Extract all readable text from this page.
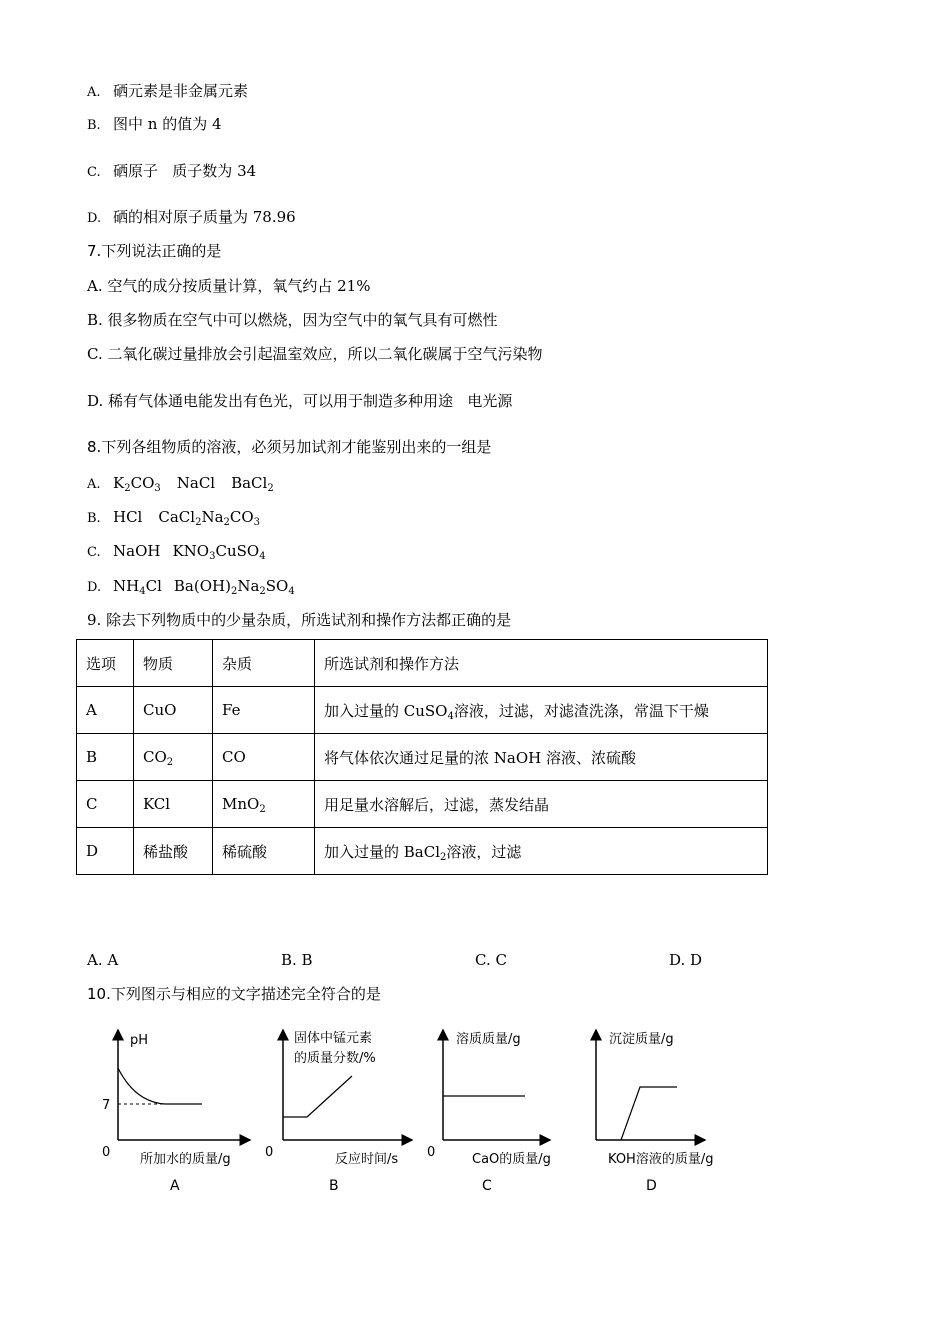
A. 硒元素是非金属元素
B. 图中 n 的值为 4
C. 硒原子   质子数为 34
D. 硒的相对原子质量为 78.96
7.下列说法正确的是
A. 空气的成分按质量计算，氧气约占 21%
B. 很多物质在空气中可以燃烧，因为空气中的氧气具有可燃性
C. 二氧化碳过量排放会引起温室效应，所以二氧化碳属于空气污染物
D. 稀有气体通电能发出有色光，可以用于制造多种用途   电光源
8.下列各组物质的溶液，必须另加试剂才能鉴别出来的一组是
A. $K_2CO_3$ NaCl BaCl$_2$
B. HCl $CaCl_2Na_2CO_3$
C. NaOH $KNO_3CuSO_4$
D. $NH_4Cl$ $Ba(OH)_2Na_2SO_4$
9. 除去下列物质中的少量杂质，所选试剂和操作方法都正确的是
选项	物质	杂质	所选试剂和操作方法
A	CuO	Fe	加入过量的 CuSO$_4$溶液，过滤，对滤渣洗涤，常温下干燥
B	$CO_2$	CO	将气体依次通过足量的浓 NaOH 溶液、浓硫酸
C	KCl	MnO$_2$	用足量水溶解后，过滤，蒸发结晶
D	稀盐酸	稀硫酸	加入过量的 BaCl$_2$溶液，过滤
A. A	B. B	C. C	D. D
10.下列图示与相应的文字描述完全符合的是
pH
7
0 所加水的质量/g
A
固体中锰元素
的质量分数/%
0	反应时间/s
B
溶质质量/g
0	CaO的质量/g
C
沉淀质量/g
KOH溶液的质量/g
D
